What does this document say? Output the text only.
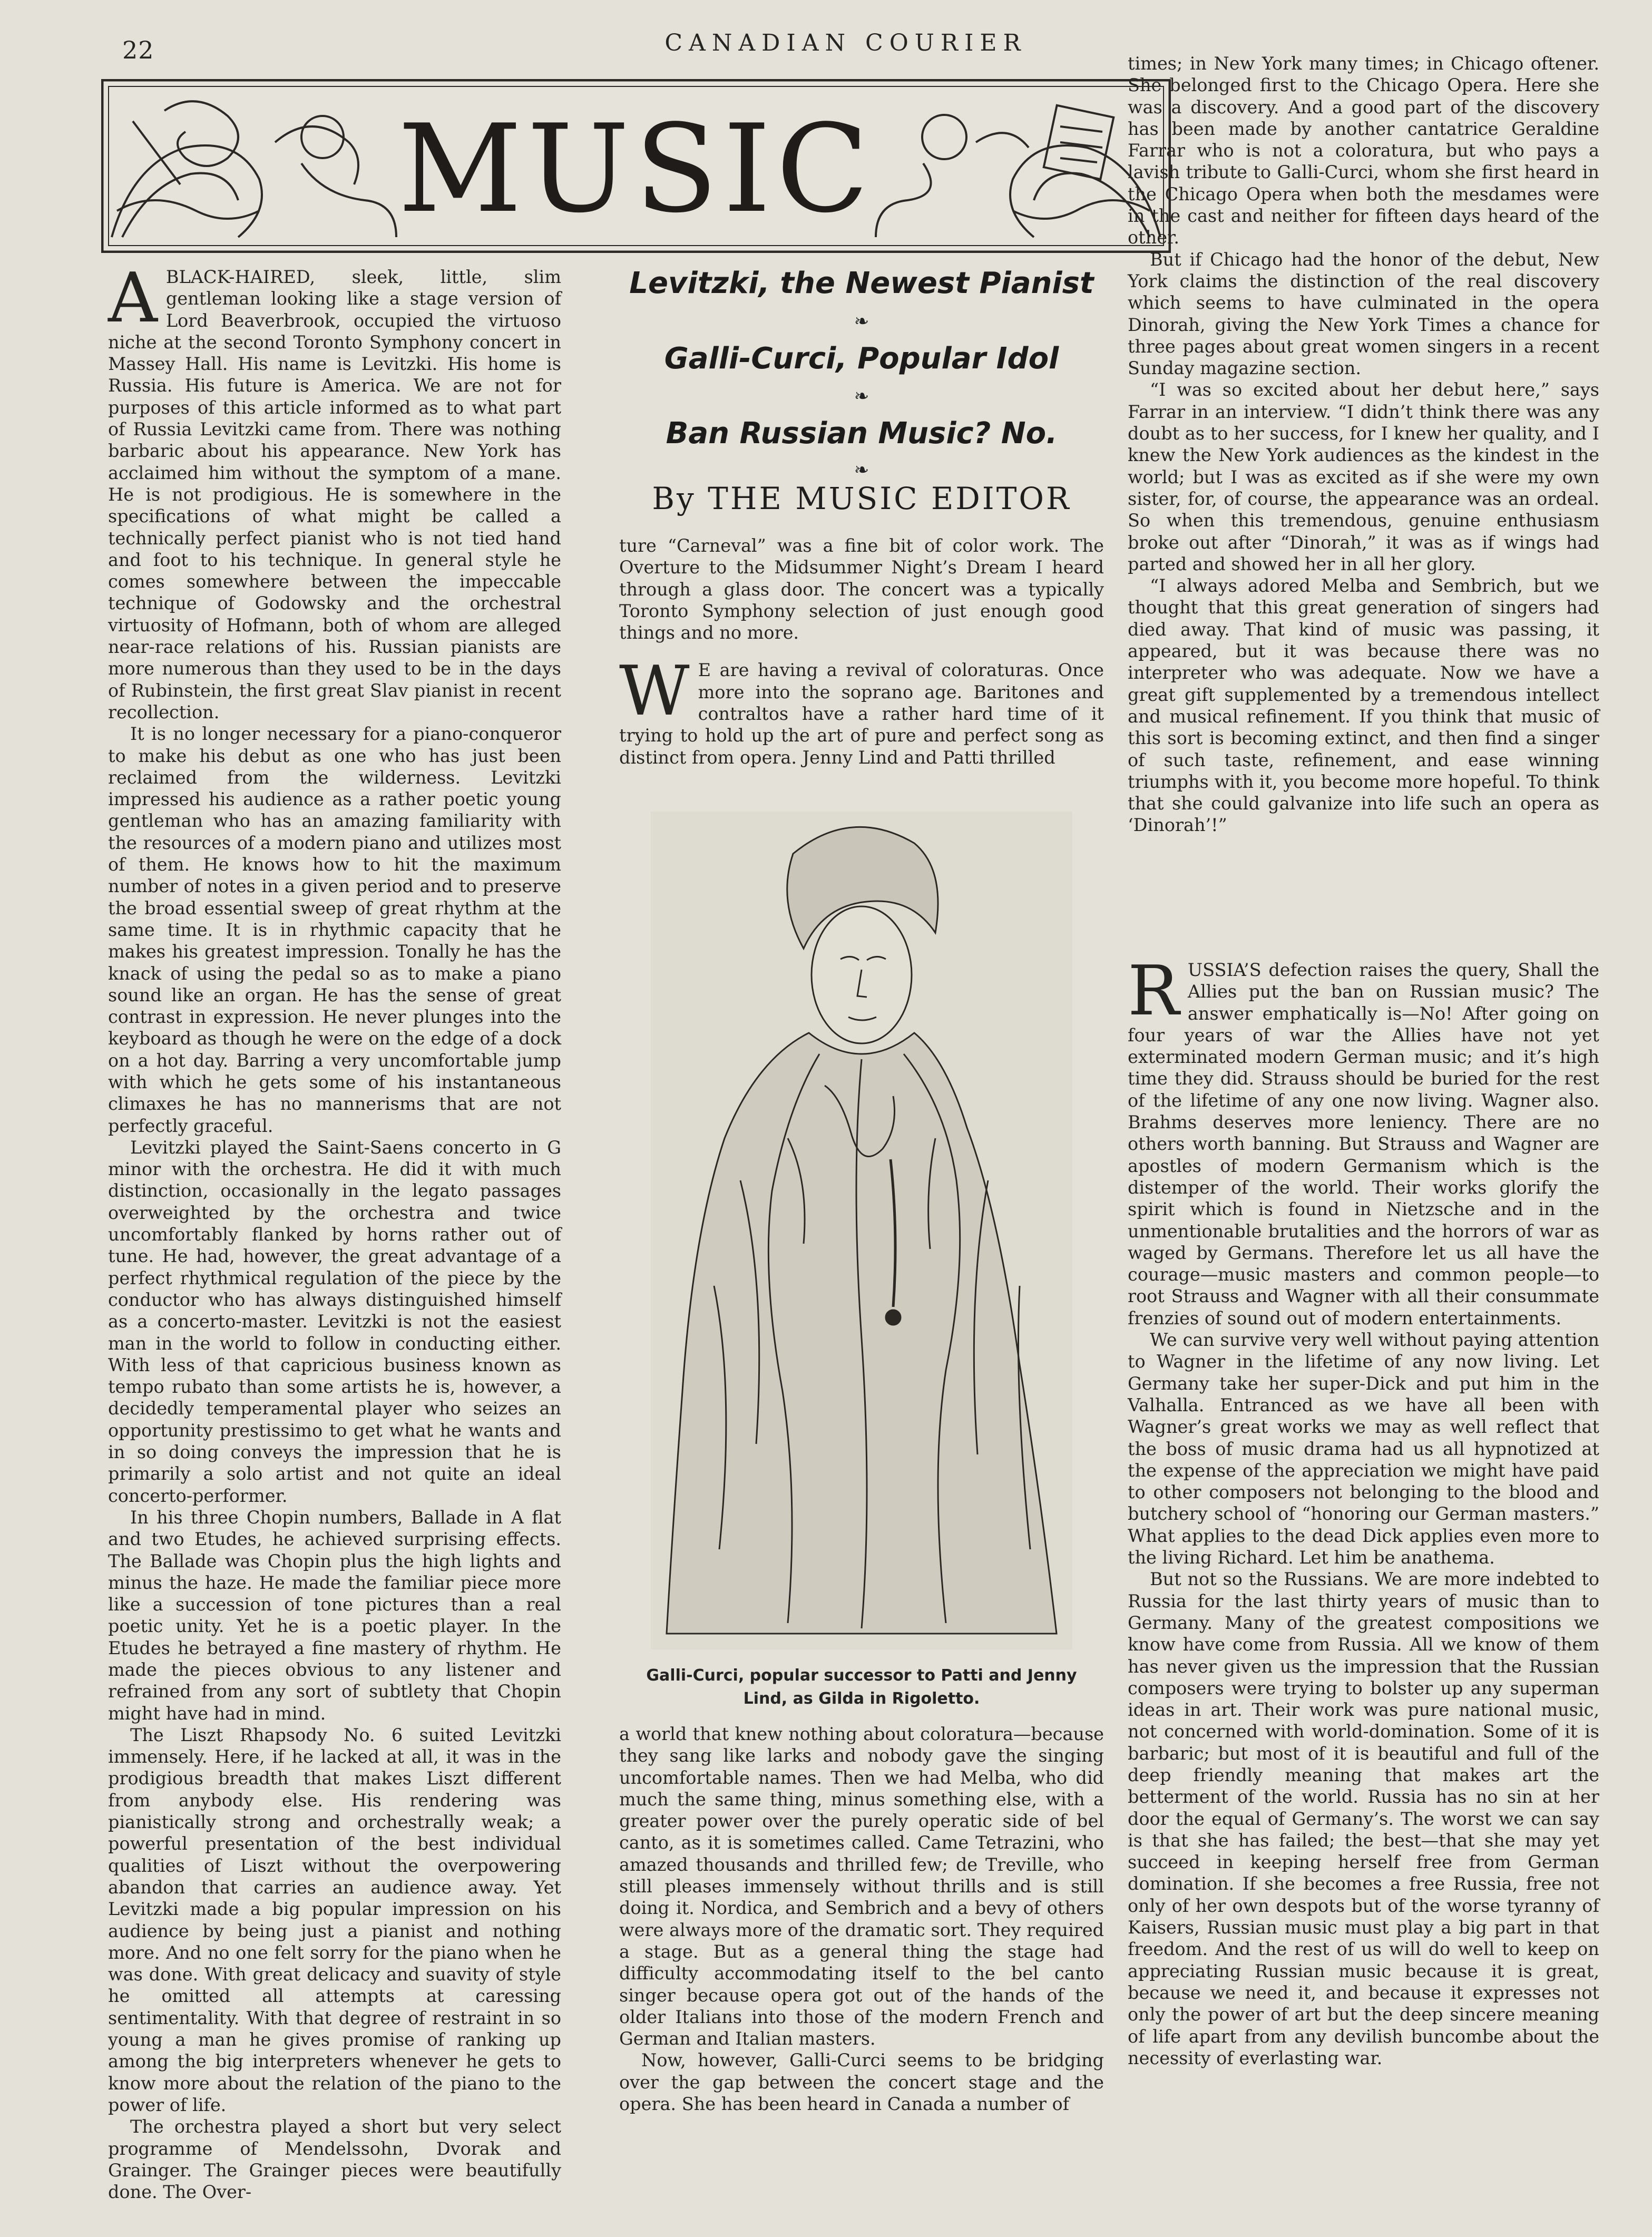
22	CANADIAN COURIER
MUSIC
Levitzki, the Newest Pianist
❧
Galli-Curci, Popular Idol
❧
Ban Russian Music? No.
❧
By THE MUSIC EDITOR

ABLACK-HAIRED, sleek, little, slim gentleman looking like a stage version of Lord Beaverbrook, occupied the virtuoso niche at the second Toronto Symphony concert in Massey Hall. His name is Levitzki. His home is Russia. His future is America. We are not for purposes of this article informed as to what part of Russia Levitzki came from. There was nothing barbaric about his appearance. New York has acclaimed him without the symptom of a mane. He is not prodigious. He is somewhere in the specifications of what might be called a technically perfect pianist who is not tied hand and foot to his technique. In general style he comes somewhere between the impeccable technique of Godowsky and the orchestral virtuosity of Hofmann, both of whom are alleged near-race relations of his. Russian pianists are more numerous than they used to be in the days of Rubinstein, the first great Slav pianist in recent recollection.

It is no longer necessary for a piano-conqueror to make his debut as one who has just been reclaimed from the wilderness. Levitzki impressed his audience as a rather poetic young gentleman who has an amazing familiarity with the resources of a modern piano and utilizes most of them. He knows how to hit the maximum number of notes in a given period and to preserve the broad essential sweep of great rhythm at the same time. It is in rhythmic capacity that he makes his greatest impression. Tonally he has the knack of using the pedal so as to make a piano sound like an organ. He has the sense of great contrast in expression. He never plunges into the keyboard as though he were on the edge of a dock on a hot day. Barring a very uncomfortable jump with which he gets some of his instantaneous climaxes he has no mannerisms that are not perfectly graceful.

Levitzki played the Saint-Saens concerto in G minor with the orchestra. He did it with much distinction, occasionally in the legato passages overweighted by the orchestra and twice uncomfortably flanked by horns rather out of tune. He had, however, the great advantage of a perfect rhythmical regulation of the piece by the conductor who has always distinguished himself as a concerto-master. Levitzki is not the easiest man in the world to follow in conducting either. With less of that capricious business known as tempo rubato than some artists he is, however, a decidedly temperamental player who seizes an opportunity prestissimo to get what he wants and in so doing conveys the impression that he is primarily a solo artist and not quite an ideal concerto-performer.

In his three Chopin numbers, Ballade in A flat and two Etudes, he achieved surprising effects. The Ballade was Chopin plus the high lights and minus the haze. He made the familiar piece more like a succession of tone pictures than a real poetic unity. Yet he is a poetic player. In the Etudes he betrayed a fine mastery of rhythm. He made the pieces obvious to any listener and refrained from any sort of subtlety that Chopin might have had in mind.

The Liszt Rhapsody No. 6 suited Levitzki immensely. Here, if he lacked at all, it was in the prodigious breadth that makes Liszt different from anybody else. His rendering was pianistically strong and orchestrally weak; a powerful presentation of the best individual qualities of Liszt without the overpowering abandon that carries an audience away. Yet Levitzki made a big popular impression on his audience by being just a pianist and nothing more. And no one felt sorry for the piano when he was done. With great delicacy and suavity of style he omitted all attempts at caressing sentimentality. With that degree of restraint in so young a man he gives promise of ranking up among the big interpreters whenever he gets to know more about the relation of the piano to the power of life.

The orchestra played a short but very select programme of Mendelssohn, Dvorak and Grainger. The Grainger pieces were beautifully done. The Over-

ture “Carneval” was a fine bit of color work. The Overture to the Midsummer Night’s Dream I heard through a glass door. The concert was a typically Toronto Symphony selection of just enough good things and no more.

W E are having a revival of coloraturas. Once more into the soprano age. Baritones and contraltos have a rather hard time of it trying to hold up the art of pure and perfect song as distinct from opera. Jenny Lind and Patti thrilled

Galli-Curci, popular successor to Patti and Jenny Lind, as Gilda in Rigoletto.

a world that knew nothing about coloratura—because they sang like larks and nobody gave the singing uncomfortable names. Then we had Melba, who did much the same thing, minus something else, with a greater power over the purely operatic side of bel canto, as it is sometimes called. Came Tetrazini, who amazed thousands and thrilled few; de Treville, who still pleases immensely without thrills and is still doing it. Nordica, and Sembrich and a bevy of others were always more of the dramatic sort. They required a stage. But as a general thing the stage had difficulty accommodating itself to the bel canto singer because opera got out of the hands of the older Italians into those of the modern French and German and Italian masters.

Now, however, Galli-Curci seems to be bridging over the gap between the concert stage and the opera. She has been heard in Canada a number of

times; in New York many times; in Chicago oftener. She belonged first to the Chicago Opera. Here she was a discovery. And a good part of the discovery has been made by another cantatrice Geraldine Farrar who is not a coloratura, but who pays a lavish tribute to Galli-Curci, whom she first heard in the Chicago Opera when both the mesdames were in the cast and neither for fifteen days heard of the other.

But if Chicago had the honor of the debut, New York claims the distinction of the real discovery which seems to have culminated in the opera Dinorah, giving the New York Times a chance for three pages about great women singers in a recent Sunday magazine section.

“I was so excited about her debut here,” says Farrar in an interview. “I didn’t think there was any doubt as to her success, for I knew her quality, and I knew the New York audiences as the kindest in the world; but I was as excited as if she were my own sister, for, of course, the appearance was an ordeal. So when this tremendous, genuine enthusiasm broke out after “Dinorah,” it was as if wings had parted and showed her in all her glory.

“I always adored Melba and Sembrich, but we thought that this great generation of singers had died away. That kind of music was passing, it appeared, but it was because there was no interpreter who was adequate. Now we have a great gift supplemented by a tremendous intellect and musical refinement. If you think that music of this sort is becoming extinct, and then find a singer of such taste, refinement, and ease winning triumphs with it, you become more hopeful. To think that she could galvanize into life such an opera as ‘Dinorah’!”

RUSSIA’S defection raises the query, Shall the Allies put the ban on Russian music? The answer emphatically is—No! After going on four years of war the Allies have not yet exterminated modern German music; and it’s high time they did. Strauss should be buried for the rest of the lifetime of any one now living. Wagner also. Brahms deserves more leniency. There are no others worth banning. But Strauss and Wagner are apostles of modern Germanism which is the distemper of the world. Their works glorify the spirit which is found in Nietzsche and in the unmentionable brutalities and the horrors of war as waged by Germans. Therefore let us all have the courage—music masters and common people—to root Strauss and Wagner with all their consummate frenzies of sound out of modern entertainments.

We can survive very well without paying attention to Wagner in the lifetime of any now living. Let Germany take her super-Dick and put him in the Valhalla. Entranced as we have all been with Wagner’s great works we may as well reflect that the boss of music drama had us all hypnotized at the expense of the appreciation we might have paid to other composers not belonging to the blood and butchery school of “honoring our German masters.” What applies to the dead Dick applies even more to the living Richard. Let him be anathema.

But not so the Russians. We are more indebted to Russia for the last thirty years of music than to Germany. Many of the greatest compositions we know have come from Russia. All we know of them has never given us the impression that the Russian composers were trying to bolster up any superman ideas in art. Their work was pure national music, not concerned with world-domination. Some of it is barbaric; but most of it is beautiful and full of the deep friendly meaning that makes art the betterment of the world. Russia has no sin at her door the equal of Germany’s. The worst we can say is that she has failed; the best—that she may yet succeed in keeping herself free from German domination. If she becomes a free Russia, free not only of her own despots but of the worse tyranny of Kaisers, Russian music must play a big part in that freedom. And the rest of us will do well to keep on appreciating Russian music because it is great, because we need it, and because it expresses not only the power of art but the deep sincere meaning of life apart from any devilish buncombe about the necessity of everlasting war.
